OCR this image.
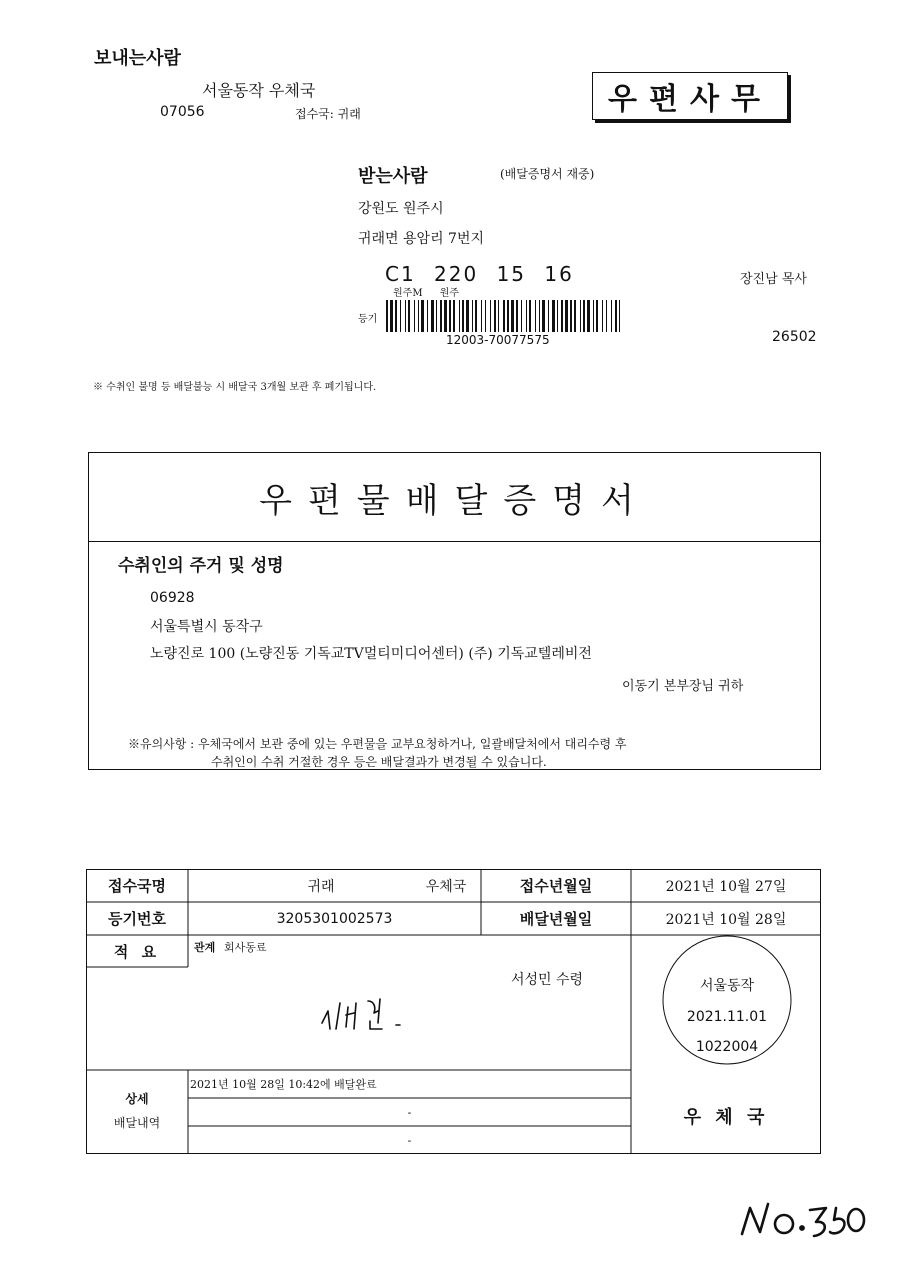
보내는사람
서울동작 우체국
07056	접수국: 귀래	우편사무
받는사람	(배달증명서 재중)
강원도 원주시
귀래면 용암리 7번지
C1 220 15 16	장진남 목사
원주M 원주
등기
12003-70077575	26502
※ 수취인 불명 등 배달불능 시 배달국 3개월 보관 후 폐기됩니다.
우편물배달증명서
수취인의 주거 및 성명
06928
서울특별시 동작구
노량진로 100 (노량진동 기독교TV멀티미디어센터) (주) 기독교텔레비전
이동기 본부장님 귀하
※유의사항 : 우체국에서 보관 중에 있는 우편물을 교부요청하거나, 일괄배달처에서 대리수령 후
수취인이 수취 거절한 경우 등은 배달결과가 변경될 수 있습니다.
접수국명	귀래	우체국	접수년월일	2021년 10월 27일
등기번호	3205301002573	배달년월일	2021년 10월 28일
적 요	관계 회사동료
서성민 수령
상세
배달내역
2021년 10월 28일 10:42에 배달완료
-
-
서울동작
2021.11.01
1022004
우 체 국
